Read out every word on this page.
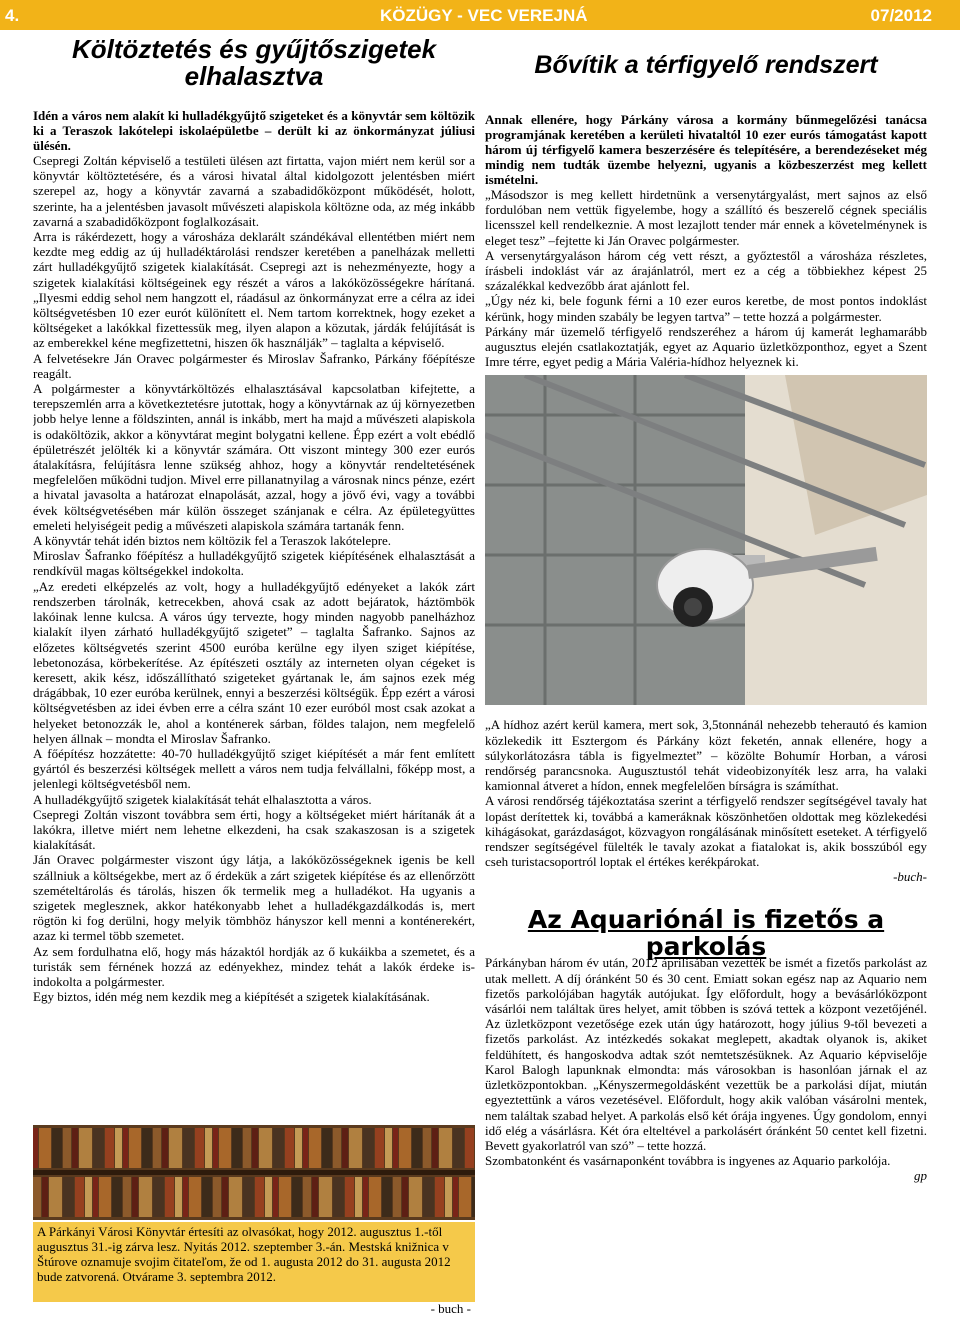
4.	KÖZÜGY - VEC VEREJNÁ	07/2012
Költöztetés és gyűjtőszigetek elhalasztva
Idén a város nem alakít ki hulladékgyűjtő szigeteket és a könyvtár sem költözik ki a Teraszok lakótelepi iskolaépületbe – derült ki az önkormányzat júliusi ülésén.

Csepregi Zoltán képviselő a testületi ülésen azt firtatta, vajon miért nem kerül sor a könyvtár költöztetésére, és a városi hivatal által kidolgozott jelentésben miért szerepel az, hogy a könyvtár zavarná a szabadidőközpont működését, holott, szerinte, ha a jelentésben javasolt művészeti alapiskola költözne oda, az még inkább zavarná a szabadidőközpont foglalkozásait.

Arra is rákérdezett, hogy a városháza deklarált szándékával ellentétben miért nem kezdte meg eddig az új hulladéktárolási rendszer keretében a panelházak melletti zárt hulladékgyűjtő szigetek kialakítását. Csepregi azt is nehezményezte, hogy a szigetek kialakítási költségeinek egy részét a város a lakóközösségekre hárítaná. „Ilyesmi eddig sehol nem hangzott el, ráadásul az önkormányzat erre a célra az idei költségvetésben 10 ezer eurót különített el. Nem tartom korrektnek, hogy ezeket a költségeket a lakókkal fizettessük meg, ilyen alapon a közutak, járdák felújítását is az emberekkel kéne megfizettetni, hiszen ők használják” – taglalta a képviselő.

A felvetésekre Ján Oravec polgármester és Miroslav Šafranko, Párkány főépítésze reagált.

A polgármester a könyvtárköltözés elhalasztásával kapcsolatban kifejtette, a terepszemlén arra a következtetésre jutottak, hogy a könyvtárnak az új környezetben jobb helye lenne a földszinten, annál is inkább, mert ha majd a művészeti alapiskola is odaköltözik, akkor a könyvtárat megint bolygatni kellene. Épp ezért a volt ebédlő épületrészét jelölték ki a könyvtár számára. Ott viszont mintegy 300 ezer eurós átalakításra, felújításra lenne szükség ahhoz, hogy a könyvtár rendeltetésének megfelelően működni tudjon. Mivel erre pillanatnyilag a városnak nincs pénze, ezért a hivatal javasolta a határozat elnapolását, azzal, hogy a jövő évi, vagy a további évek költségvetésében már külön összeget szánjanak e célra. Az épületegyüttes emeleti helyiségeit pedig a művészeti alapiskola számára tartanák fenn.

A könyvtár tehát idén biztos nem költözik fel a Teraszok lakótelepre.

Miroslav Šafranko főépítész a hulladékgyűjtő szigetek kiépítésének elhalasztását a rendkívül magas költségekkel indokolta.

„Az eredeti elképzelés az volt, hogy a hulladékgyűjtő edényeket a lakók zárt rendszerben tárolnák, ketrecekben, ahová csak az adott bejáratok, háztömbök lakóinak lenne kulcsa. A város úgy tervezte, hogy minden nagyobb panelházhoz kialakít ilyen zárható hulladékgyűjtő szigetet” – taglalta Šafranko. Sajnos az előzetes költségvetés szerint 4500 euróba kerülne egy ilyen sziget kiépítése, lebetonozása, körbekerítése. Az építészeti osztály az interneten olyan cégeket is keresett, akik kész, időszállítható szigeteket gyártanak le, ám sajnos ezek még drágábbak, 10 ezer euróba kerülnek, ennyi a beszerzési költségük. Épp ezért a városi költségvetésben az idei évben erre a célra szánt 10 ezer euróból most csak azokat a helyeket betonozzák le, ahol a konténerek sárban, földes talajon, nem megfelelő helyen állnak – mondta el Miroslav Šafranko.

A főépítész hozzátette: 40-70 hulladékgyűjtő sziget kiépítését a már fent említett gyártól és beszerzési költségek mellett a város nem tudja felvállalni, főképp most, a jelenlegi költségvetésből nem.

A hulladékgyűjtő szigetek kialakítását tehát elhalasztotta a város.

Csepregi Zoltán viszont továbbra sem érti, hogy a költségeket miért hárítanák át a lakókra, illetve miért nem lehetne elkezdeni, ha csak szakaszosan is a szigetek kialakítását.

Ján Oravec polgármester viszont úgy látja, a lakóközösségeknek igenis be kell szállniuk a költségekbe, mert az ő érdekük a zárt szigetek kiépítése és az ellenőrzött szemételtárolás és tárolás, hiszen ők termelik meg a hulladékot. Ha ugyanis a szigetek meglesznek, akkor hatékonyabb lehet a hulladékgazdálkodás is, mert rögtön ki fog derülni, hogy melyik tömbhöz hányszor kell menni a konténerekért, azaz ki termel több szemetet.

Az sem fordulhatna elő, hogy más házaktól hordják az ő kukáikba a szemetet, és a turisták sem férnének hozzá az edényekhez, mindez tehát a lakók érdeke is- indokolta a polgármester.

Egy biztos, idén még nem kezdik meg a kiépítését a szigetek kialakításának.

A Párkányi Városi Könyvtár értesíti az olvasókat, hogy 2012. augusztus 1.-től augusztus 31.-ig zárva lesz. Nyitás 2012. szeptember 3.-án. Mestská knižnica v Štúrove oznamuje svojim čitateľom, že od 1. augusta 2012 do 31. augusta 2012 bude zatvorená. Otvárame 3. septembra 2012.
- buch -
Bővítik a térfigyelő rendszert
Annak ellenére, hogy Párkány városa a kormány bűnmegelőzési tanácsa programjának keretében a kerületi hivataltól 10 ezer eurós támogatást kapott három új térfigyelő kamera beszerzésére és telepítésére, a berendezéseket még mindig nem tudták üzembe helyezni, ugyanis a közbeszerzést meg kellett ismételni.

„Másodszor is meg kellett hirdetnünk a versenytárgyalást, mert sajnos az első fordulóban nem vettük figyelembe, hogy a szállító és beszerelő cégnek speciális licensszel kell rendelkeznie. A most lezajlott tender már ennek a követelménynek is eleget tesz” –fejtette ki Ján Oravec polgármester.

A versenytárgyaláson három cég vett részt, a győztestől a városháza részletes, írásbeli indoklást vár az árajánlatról, mert ez a cég a többiekhez képest 25 százalékkal kedvezőbb árat ajánlott fel.

„Úgy néz ki, bele fogunk férni a 10 ezer euros keretbe, de most pontos indoklást kérünk, hogy minden szabály be legyen tartva” – tette hozzá a polgármester.

Párkány már üzemelő térfigyelő rendszeréhez a három új kamerát leghamarább augusztus elején csatlakoztatják, egyet az Aquario üzletközponthoz, egyet a Szent Imre térre, egyet pedig a Mária Valéria-hídhoz helyeznek ki.

„A hídhoz azért kerül kamera, mert sok, 3,5tonnánál nehezebb teherautó és kamion közlekedik itt Esztergom és Párkány közt feketén, annak ellenére, hogy a súlykorlátozásra tábla is figyelmeztet” – közölte Bohumír Horban, a városi rendőrség parancsnoka. Augusztustól tehát videobizonyíték lesz arra, ha valaki kamionnal átveret a hídon, ennek megfelelően bírságra is számíthat.

A városi rendőrség tájékoztatása szerint a térfigyelő rendszer segítségével tavaly hat lopást derítettek ki, továbbá a kameráknak köszönhetően oldottak meg közlekedési kihágásokat, garázdaságot, közvagyon rongálásának minősített eseteket. A térfigyelő rendszer segítségével fülelték le tavaly azokat a fiatalokat is, akik bosszúból egy cseh turistacsoportról loptak el értékes kerékpárokat.

-buch-

Az Aquariónál is fizetős a parkolás

Párkányban három év után, 2012 áprilisában vezették be ismét a fizetős parkolást az utak mellett. A díj óránként 50 és 30 cent. Emiatt sokan egész nap az Aquario nem fizetős parkolójában hagyták autójukat. Így előfordult, hogy a bevásárlóközpont vásárlói nem találtak üres helyet, amit többen is szóvá tettek a központ vezetőjénél. Az üzletközpont vezetősége ezek után úgy határozott, hogy július 9-től bevezeti a fizetős parkolást. Az intézkedés sokakat meglepett, akadtak olyanok is, akiket feldühített, és hangoskodva adtak szót nemtetszésüknek. Az Aquario képviselője Karol Balogh lapunknak elmondta: más városokban is hasonlóan járnak el az üzletközpontokban. „Kényszermegoldásként vezettük be a parkolási díjat, miután egyeztettünk a város vezetésével. Előfordult, hogy akik valóban vásárolni mentek, nem találtak szabad helyet. A parkolás első két órája ingyenes. Úgy gondolom, ennyi idő elég a vásárlásra. Két óra elteltével a parkolásért óránként 50 centet kell fizetni. Bevett gyakorlatról van szó” – tette hozzá.

Szombatonként és vasárnaponként továbbra is ingyenes az Aquario parkolója.

gp
